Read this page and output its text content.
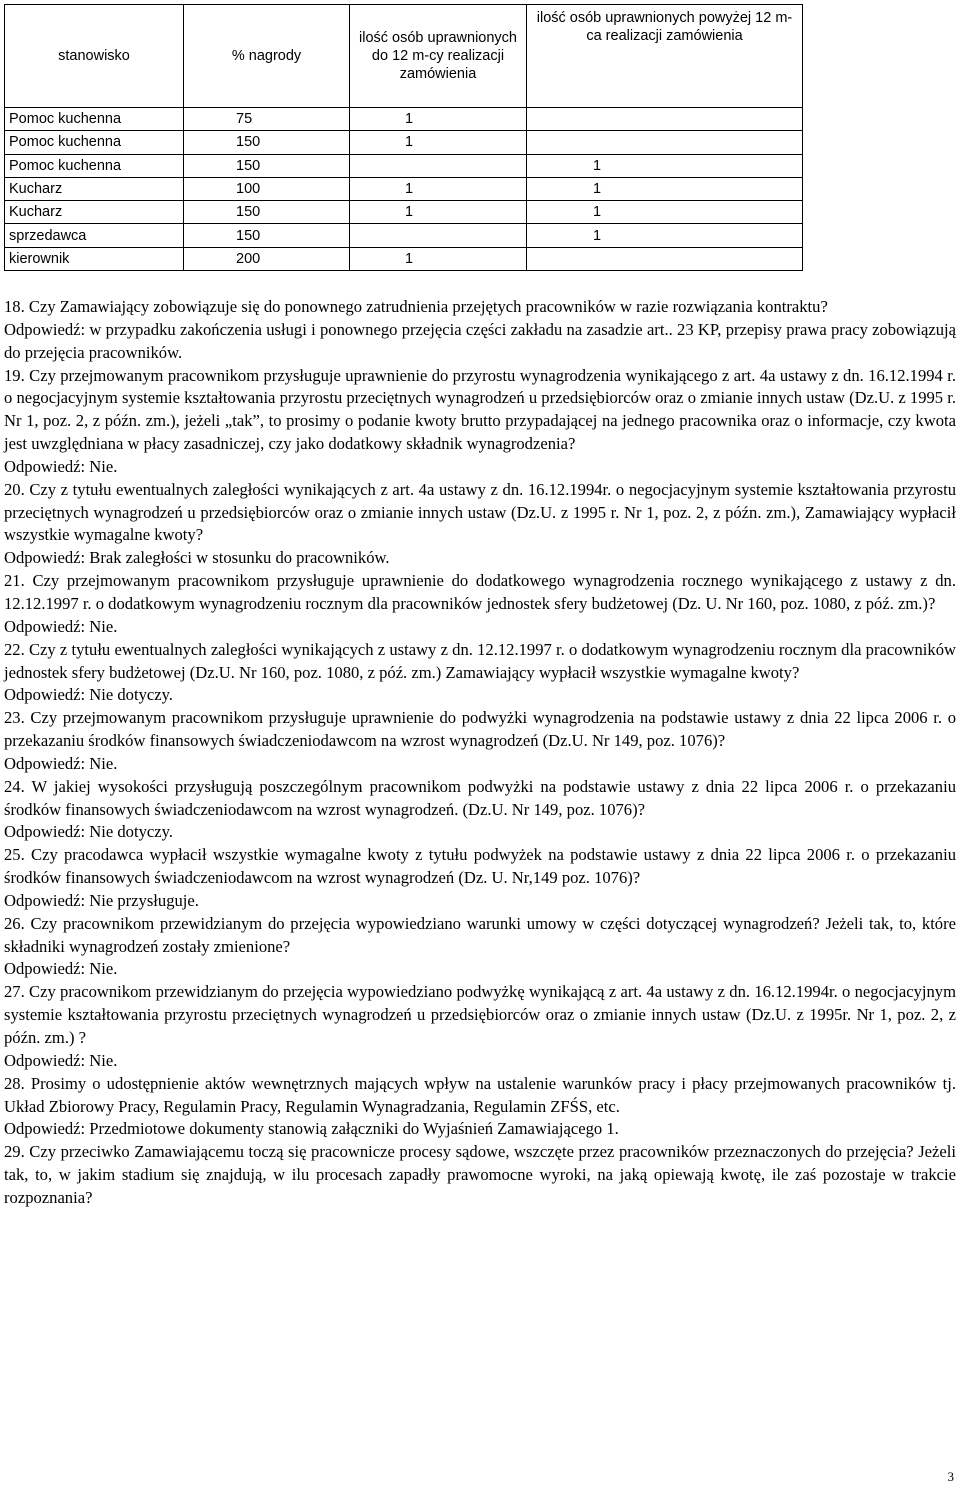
stanowisko	% nagrody	ilość osób uprawnionych do 12 m-cy realizacji zamówienia	ilość osób uprawnionych powyżej 12 m-ca realizacji zamówienia
Pomoc kuchenna	75	1	
Pomoc kuchenna	150	1	
Pomoc kuchenna	150		1
Kucharz	100	1	1
Kucharz	150	1	1
sprzedawca	150		1
kierownik	200	1	

18. Czy Zamawiający zobowiązuje się do ponownego zatrudnienia przejętych pracowników w razie rozwiązania kontraktu?

Odpowiedź: w przypadku zakończenia usługi i ponownego przejęcia części zakładu na zasadzie art.. 23 KP, przepisy prawa pracy zobowiązują do przejęcia pracowników.

19. Czy przejmowanym pracownikom przysługuje uprawnienie do przyrostu wynagrodzenia wynikającego z art. 4a ustawy z dn. 16.12.1994 r. o negocjacyjnym systemie kształtowania przyrostu przeciętnych wynagrodzeń u przedsiębiorców oraz o zmianie innych ustaw (Dz.U. z 1995 r. Nr 1, poz. 2, z późn. zm.), jeżeli „tak”, to prosimy o podanie kwoty brutto przypadającej na jednego pracownika oraz o informacje, czy kwota jest uwzględniana w płacy zasadniczej, czy jako dodatkowy składnik wynagrodzenia?

Odpowiedź: Nie.

20. Czy z tytułu ewentualnych zaległości wynikających z art. 4a ustawy z dn. 16.12.1994r. o negocjacyjnym systemie kształtowania przyrostu przeciętnych wynagrodzeń u przedsiębiorców oraz o zmianie innych ustaw (Dz.U. z 1995 r. Nr 1, poz. 2, z późn. zm.), Zamawiający wypłacił wszystkie wymagalne kwoty?

Odpowiedź: Brak zaległości w stosunku do pracowników.

21. Czy przejmowanym pracownikom przysługuje uprawnienie do dodatkowego wynagrodzenia rocznego wynikającego z ustawy z dn. 12.12.1997 r. o dodatkowym wynagrodzeniu rocznym dla pracowników jednostek sfery budżetowej (Dz. U. Nr 160, poz. 1080, z póź. zm.)?

Odpowiedź: Nie.

22. Czy z tytułu ewentualnych zaległości wynikających z ustawy z dn. 12.12.1997 r. o dodatkowym wynagrodzeniu rocznym dla pracowników jednostek sfery budżetowej (Dz.U. Nr 160, poz. 1080, z póź. zm.) Zamawiający wypłacił wszystkie wymagalne kwoty?

Odpowiedź: Nie dotyczy.

23. Czy przejmowanym pracownikom przysługuje uprawnienie do podwyżki wynagrodzenia na podstawie ustawy z dnia 22 lipca 2006 r. o przekazaniu środków finansowych świadczeniodawcom na wzrost wynagrodzeń (Dz.U. Nr 149, poz. 1076)?

Odpowiedź: Nie.

24. W jakiej wysokości przysługują poszczególnym pracownikom podwyżki na podstawie ustawy z dnia 22 lipca 2006 r. o przekazaniu środków finansowych świadczeniodawcom na wzrost wynagrodzeń. (Dz.U. Nr 149, poz. 1076)?

Odpowiedź: Nie dotyczy.

25. Czy pracodawca wypłacił wszystkie wymagalne kwoty z tytułu podwyżek na podstawie ustawy z dnia 22 lipca 2006 r. o przekazaniu środków finansowych świadczeniodawcom na wzrost wynagrodzeń (Dz. U. Nr,149 poz. 1076)?

Odpowiedź: Nie przysługuje.

26. Czy pracownikom przewidzianym do przejęcia wypowiedziano warunki umowy w części dotyczącej wynagrodzeń? Jeżeli tak, to, które składniki wynagrodzeń zostały zmienione?

Odpowiedź: Nie.

27. Czy pracownikom przewidzianym do przejęcia wypowiedziano podwyżkę wynikającą z art. 4a ustawy z dn. 16.12.1994r. o negocjacyjnym systemie kształtowania przyrostu przeciętnych wynagrodzeń u przedsiębiorców oraz o zmianie innych ustaw (Dz.U. z 1995r. Nr 1, poz. 2, z późn. zm.) ?

Odpowiedź: Nie.

28. Prosimy o udostępnienie aktów wewnętrznych mających wpływ na ustalenie warunków pracy i płacy przejmowanych pracowników tj. Układ Zbiorowy Pracy, Regulamin Pracy, Regulamin Wynagradzania, Regulamin ZFŚS, etc.

Odpowiedź: Przedmiotowe dokumenty stanowią załączniki do Wyjaśnień Zamawiającego 1.

29. Czy przeciwko Zamawiającemu toczą się pracownicze procesy sądowe, wszczęte przez pracowników przeznaczonych do przejęcia? Jeżeli tak, to, w jakim stadium się znajdują, w ilu procesach zapadły prawomocne wyroki, na jaką opiewają kwotę, ile zaś pozostaje w trakcie rozpoznania?

3
